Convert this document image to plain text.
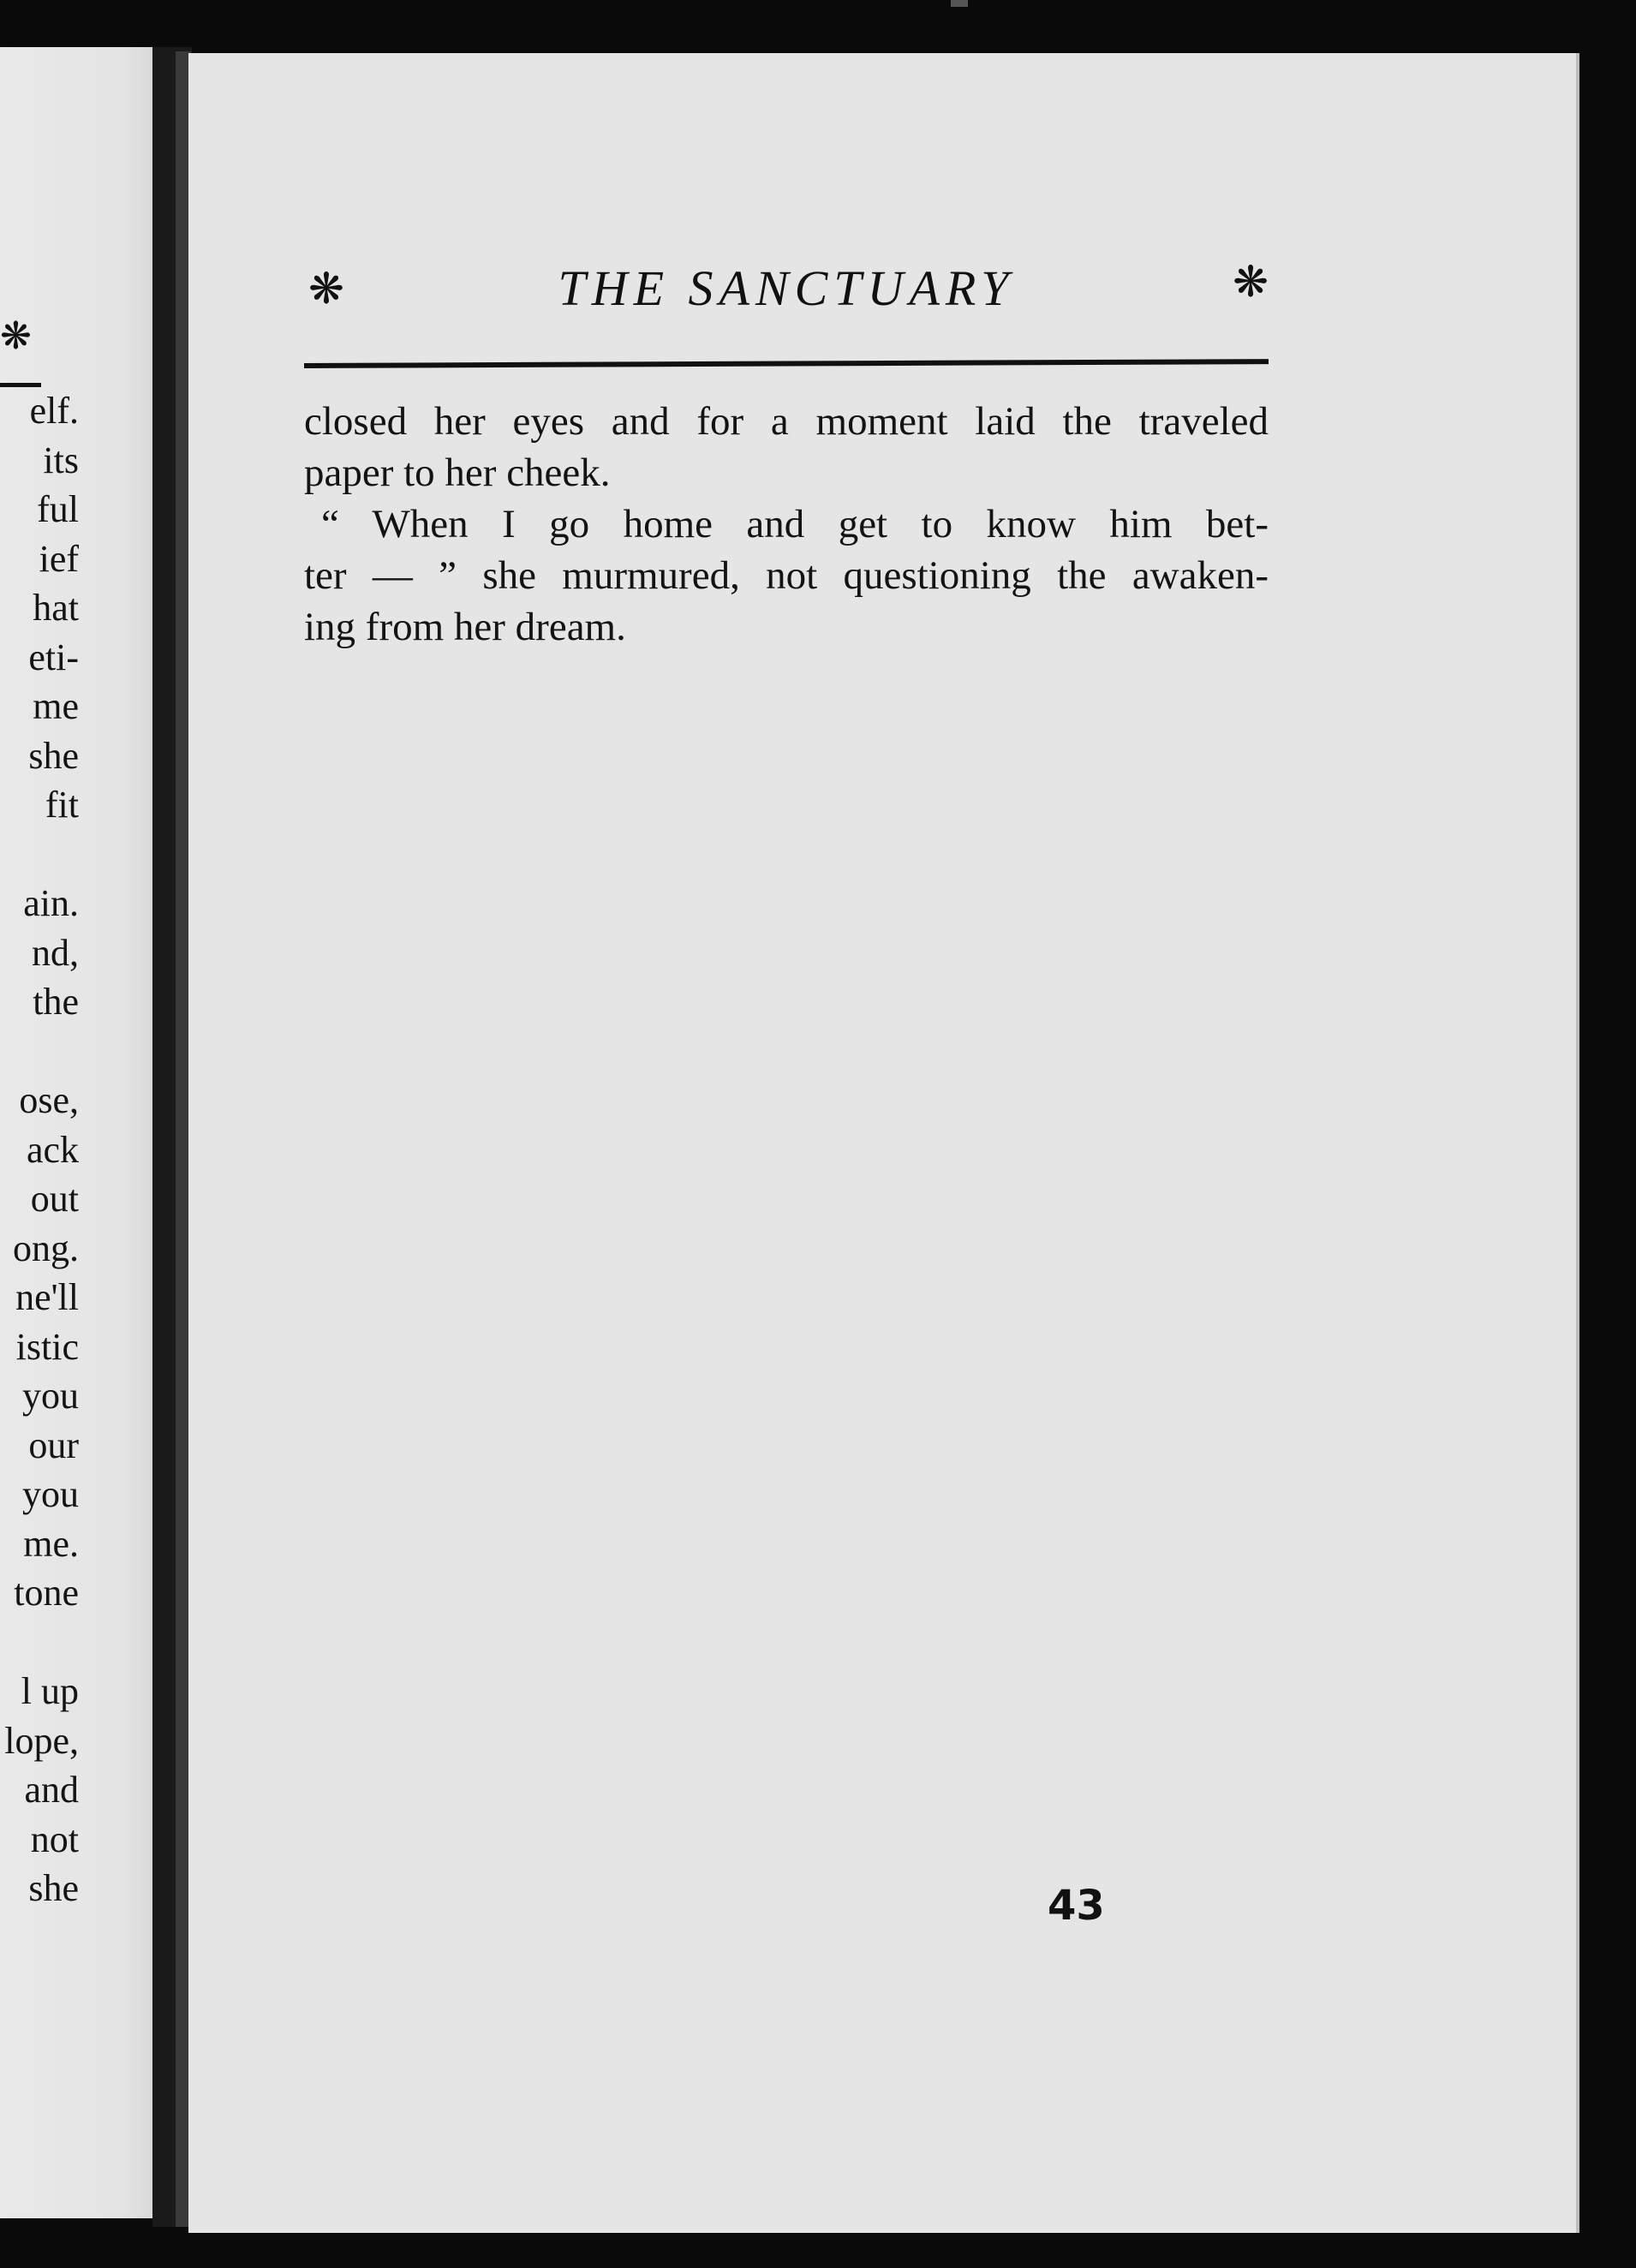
❋
elf.
its
ful
ief
hat
eti-
me
she
fit
ain.
nd,
the
ose,
ack
out
ong.
ne'll
istic
you
our
you
me.
tone
l up
lope,
and
not
she
❋	THE SANCTUARY	❋
closed her eyes and for a moment laid the traveled
paper to her cheek.
“ When I go home and get to know him bet-
ter — ” she murmured, not questioning the awaken-
ing from her dream.
43
